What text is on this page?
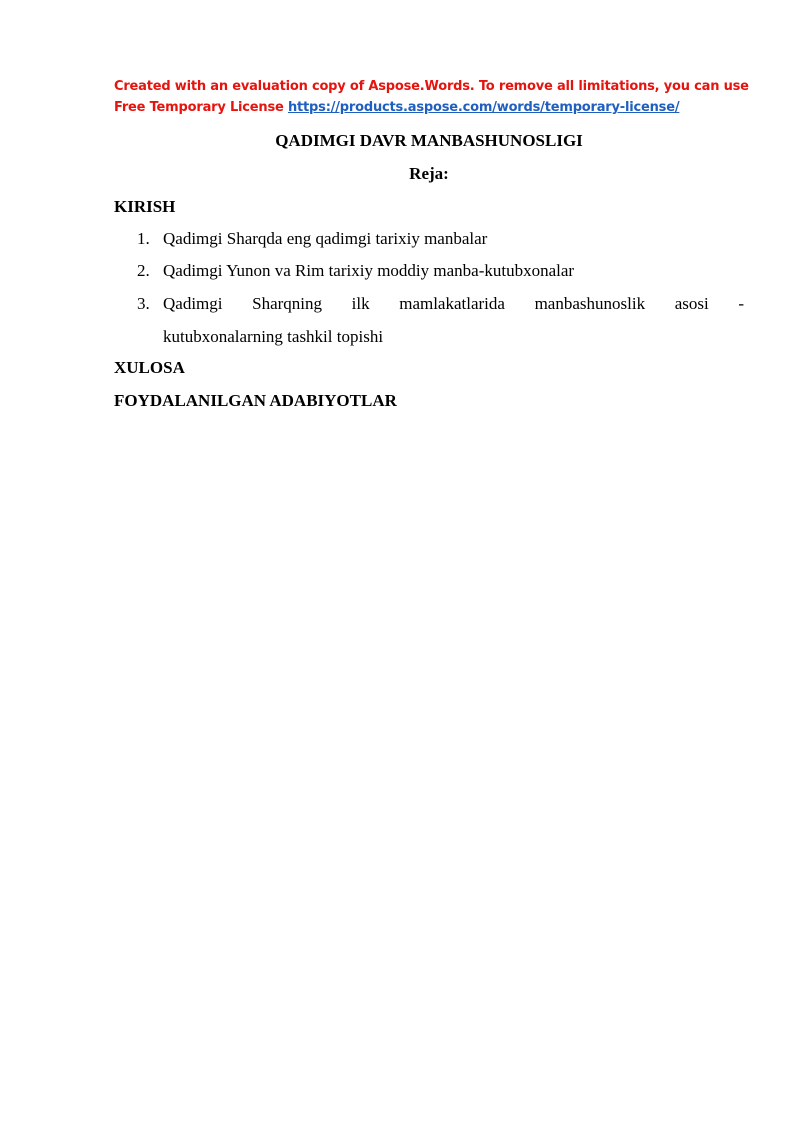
Created with an evaluation copy of Aspose.Words. To remove all limitations, you can use
Free Temporary License https://products.aspose.com/words/temporary-license/
QADIMGI DAVR MANBASHUNOSLIGI
Reja:
KIRISH
1. Qadimgi Sharqda eng qadimgi tarixiy manbalar
2. Qadimgi Yunon va Rim tarixiy moddiy manba-kutubxonalar
3. Qadimgi Sharqning ilk mamlakatlarida manbashunoslik asosi -
kutubxonalarning tashkil topishi
XULOSA
FOYDALANILGAN ADABIYOTLAR
